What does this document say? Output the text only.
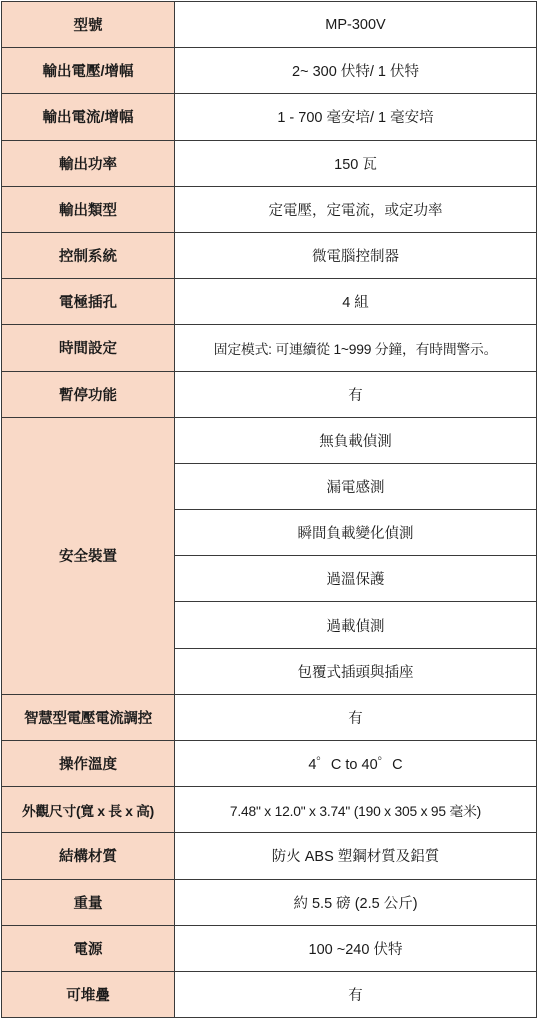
型號	MP-300V
輸出電壓/增幅	2~ 300 伏特/ 1 伏特
輸出電流/增幅	1 - 700 毫安培/ 1 毫安培
輸出功率	150 瓦
輸出類型	定電壓，定電流，或定功率
控制系統	微電腦控制器
電極插孔	4 組
時間設定	固定模式: 可連續從 1~999 分鐘，有時間警示。
暫停功能	有
安全裝置	無負載偵測
	漏電感測
	瞬間負載變化偵測
	過溫保護
	過載偵測
	包覆式插頭與插座
智慧型電壓電流調控	有
操作溫度	4゜C to 40゜C
外觀尺寸(寬 x 長 x 高)	7.48" x 12.0" x 3.74" (190 x 305 x 95 毫米)
結構材質	防火 ABS 塑鋼材質及鋁質
重量	約 5.5 磅 (2.5 公斤)
電源	100 ~240 伏特
可堆疊	有
